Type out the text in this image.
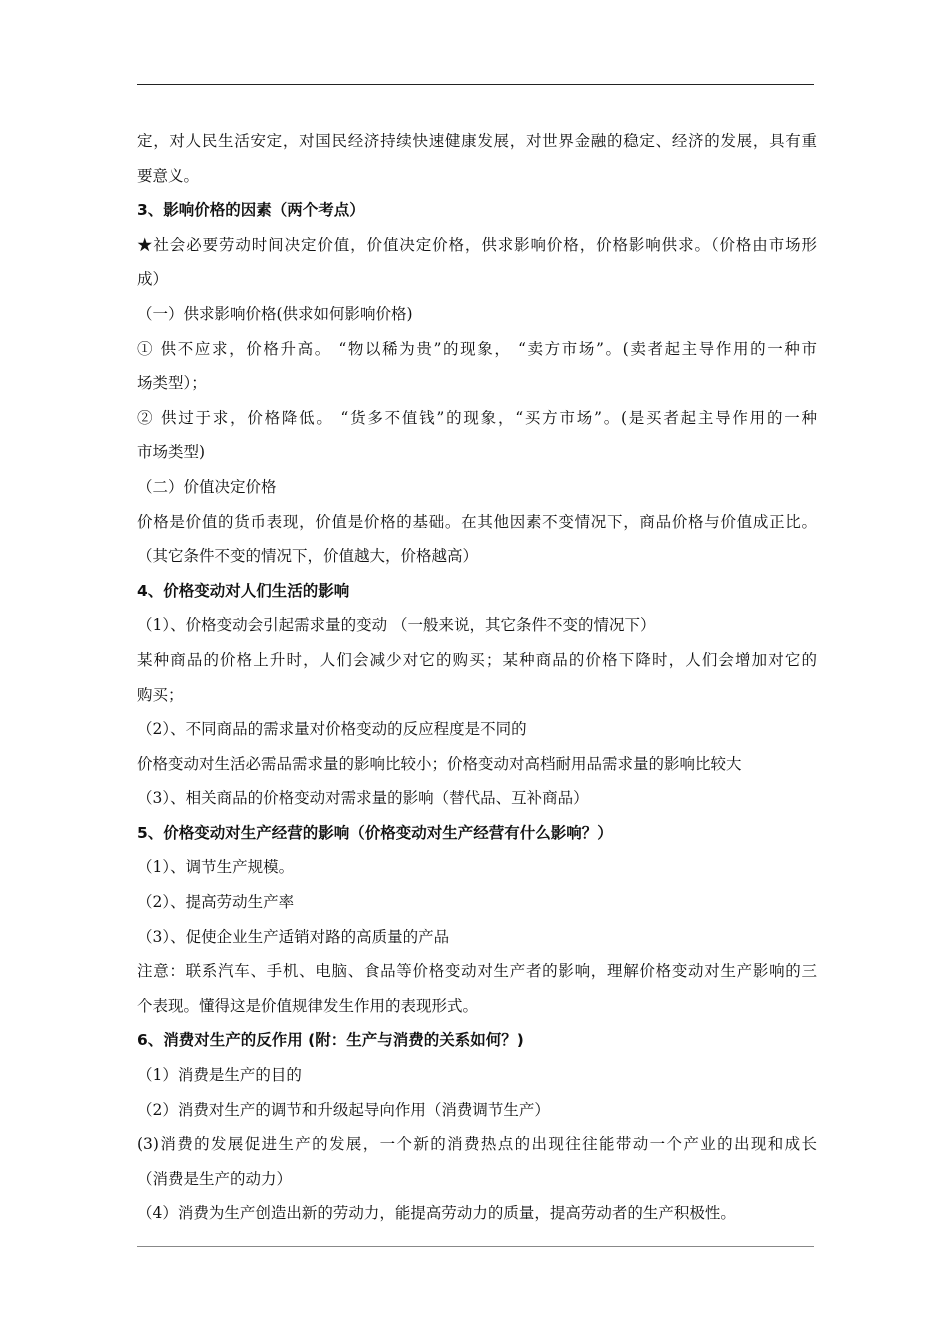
定，对人民生活安定，对国民经济持续快速健康发展，对世界金融的稳定、经济的发展，具有重
要意义。
3、影响价格的因素（两个考点）
★社会必要劳动时间决定价值，价值决定价格，供求影响价格，价格影响供求。（价格由市场形
成）
（一）供求影响价格(供求如何影响价格)
① 供不应求，价格升高。 “物以稀为贵”的现象， “卖方市场”。(卖者起主导作用的一种市
场类型）；
② 供过于求，价格降低。 “货多不值钱”的现象，“买方市场”。(是买者起主导作用的一种
市场类型)
（二）价值决定价格
价格是价值的货币表现，价值是价格的基础。在其他因素不变情况下，商品价格与价值成正比。
（其它条件不变的情况下，价值越大，价格越高）
4、价格变动对人们生活的影响
（1）、价格变动会引起需求量的变动 （一般来说，其它条件不变的情况下）
某种商品的价格上升时，人们会减少对它的购买；某种商品的价格下降时，人们会增加对它的
购买；
（2）、不同商品的需求量对价格变动的反应程度是不同的
价格变动对生活必需品需求量的影响比较小；价格变动对高档耐用品需求量的影响比较大
（3）、相关商品的价格变动对需求量的影响（替代品、互补商品）
5、价格变动对生产经营的影响（价格变动对生产经营有什么影响？）
（1）、调节生产规模。
（2）、提高劳动生产率
（3）、促使企业生产适销对路的高质量的产品
注意：联系汽车、手机、电脑、食品等价格变动对生产者的影响，理解价格变动对生产影响的三
个表现。懂得这是价值规律发生作用的表现形式。
6、消费对生产的反作用 (附：生产与消费的关系如何？)
（1）消费是生产的目的
（2）消费对生产的调节和升级起导向作用（消费调节生产）
(3)消费的发展促进生产的发展，一个新的消费热点的出现往往能带动一个产业的出现和成长
（消费是生产的动力）
（4）消费为生产创造出新的劳动力，能提高劳动力的质量，提高劳动者的生产积极性。
